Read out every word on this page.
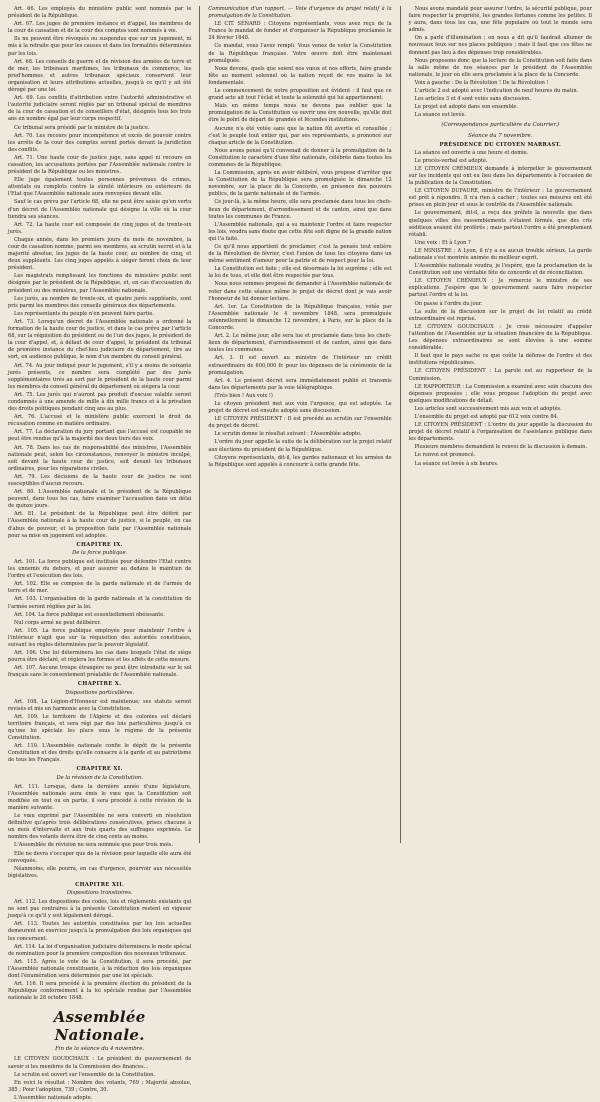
Art. 66. Les employés du ministère public sont nommés par le président de la République.

Art. 67. Les juges de première instance et d'appel, les membres de la cour de cassation et de la cour des comptes sont nommés à vie.

Ils ne peuvent être révoqués ou suspendus que sur un jugement, ni mis à la retraite que pour les causes et dans les formalités déterminées par les lois.

Art. 68. Les conseils de guerre et de révision des armées de terre et de mer, les tribunaux maritimes, les tribunaux de commerce, les prud'hommes et autres tribunaux spéciaux conservent leur organisation et leurs attributions actuelles, jusqu'à ce qu'il y ait été dérogé par une loi.

Art. 69. Les conflits d'attribution entre l'autorité administrative et l'autorité judiciaire seront réglés par un tribunal spécial de membres de la cour de cassation et de conseillers d'état, désignés tous les trois ans en nombre égal par leur corps respectif.

Ce tribunal sera présidé par le ministre de la justice.

Art. 70. Les recours pour incompétence et excès de pouvoir contre les arrêts de la cour des comptes seront portés devant la juridiction des conflits.

Art. 71. Une haute cour de justice juge, sans appel ni recours en cassation, les accusations portées par l'Assemblée nationale contre le président de la République ou les ministres.

Elle juge également toutes personnes prévenues de crimes, attentats ou complots contre la sûreté intérieure ou extérieure de l'Etat que l'Assemblée nationale aura renvoyées devant elle.

Sauf le cas prévu par l'article 68, elle ne peut être saisie qu'en vertu d'un décret de l'Assemblée nationale qui désigne la ville où la cour tiendra ses séances.

Art. 72. La haute cour est composée de cinq juges et de trente-six jurés.

Chaque année, dans les premiers jours du mois de novembre, la cour de cassation nomme, parmi ses membres, au scrutin secret et à la majorité absolue, les juges de la haute cour, au nombre de cinq, et deux suppléants. Les cinq juges appelés à siéger feront choix de leur président.

Les magistrats remplissant les fonctions du ministère public sont désignés par le président de la République, et, en cas d'accusation du président ou des ministres, par l'Assemblée nationale.

Les jurés, au nombre de trente-six, et quatre jurés suppléants, sont pris parmi les membres des conseils généraux des départements.

Les représentants du peuple n'en peuvent faire partie.

Art. 73. Lorsqu'un décret de l'Assemblée nationale a ordonné la formation de la haute cour de justice, et dans le cas prévu par l'article 68, sur la réquisition du président ou de l'un des juges, le président de la cour d'appel, et, à défaut de cour d'appel, le président du tribunal de première instance du chef-lieu judiciaire du département, tire au sort, en audience publique, le nom d'un membre du conseil général.

Art. 74. Au jour indiqué pour le jugement, s'il y a moins de soixante jurés présents, ce nombre sera complété par des jurés supplémentaires tirés au sort par le président de la haute cour parmi les membres du conseil général du département où siégera la cour.

Art. 75. Les jurés qui n'auront pas produit d'excuse valable seront condamnés à une amende de mille à dix mille francs et à la privation des droits politiques pendant cinq ans au plus.

Art. 76. L'accusé et le ministère public exercent le droit de récusation comme en matière ordinaire.

Art. 77. La déclaration du jury portant que l'accusé est coupable ne peut être rendue qu'à la majorité des deux tiers des voix.

Art. 78. Dans les cas de responsabilité des ministres, l'Assemblée nationale peut, selon les circonstances, renvoyer le ministre inculpé, soit devant la haute cour de justice, soit devant les tribunaux ordinaires, pour les réparations civiles.

Art. 79. Les décisions de la haute cour de justice ne sont susceptibles d'aucun recours.

Art. 80. L'Assemblée nationale et le président de la République peuvent, dans tous les cas, faire examiner l'accusation dans un délai de quinze jours.

Art. 81. Le président de la République peut être déféré par l'Assemblée nationale à la haute cour de justice, si le peuple, en cas d'abus de pouvoir, et la proposition faite par l'Assemblée nationale pour sa mise en jugement est adoptée.

CHAPITRE IX.
De la force publique.

Art. 101. La force publique est instituée pour défendre l'Etat contre les ennemis du dehors, et pour assurer au dedans le maintien de l'ordre et l'exécution des lois.

Art. 102. Elle se compose de la garde nationale et de l'armée de terre et de mer.

Art. 103. L'organisation de la garde nationale et la constitution de l'armée seront réglées par la loi.

Art. 104. La force publique est essentiellement obéissante.

Nul corps armé ne peut délibérer.

Art. 105. La force publique employée pour maintenir l'ordre à l'intérieur n'agit que sur la réquisition des autorités constituées, suivant les règles déterminées par le pouvoir législatif.

Art. 106. Une loi déterminera les cas dans lesquels l'état de siège pourra être déclaré, et réglera les formes et les effets de cette mesure.

Art. 107. Aucune troupe étrangère ne peut être introduite sur le sol français sans le consentement préalable de l'Assemblée nationale.

CHAPITRE X.
Dispositions particulières.

Art. 108. La Légion-d'Honneur est maintenue; ses statuts seront revisés et mis en harmonie avec la Constitution.

Art. 109. Le territoire de l'Algérie et des colonies est déclaré territoire français, et sera régi par des lois particulières jusqu'à ce qu'une loi spéciale les place sous le régime de la présente Constitution.

Art. 110. L'Assemblée nationale confie le dépôt de la présente Constitution et des droits qu'elle consacre à la garde et au patriotisme de tous les Français.

CHAPITRE XI.
De la révision de la Constitution.

Art. 111. Lorsque, dans la dernière année d'une législature, l'Assemblée nationale aura émis le vœu que la Constitution soit modifiée en tout ou en partie, il sera procédé à cette révision de la manière suivante.

Le vœu exprimé par l'Assemblée ne sera converti en résolution définitive qu'après trois délibérations consécutives, prises chacune à un mois d'intervalle et aux trois quarts des suffrages exprimés. Le nombre des votants devra être de cinq cents au moins.

L'Assemblée de révision ne sera nommée que pour trois mois.

Elle ne devra s'occuper que de la révision pour laquelle elle aura été convoquée.

Néanmoins, elle pourra, en cas d'urgence, pourvoir aux nécessités législatives.

CHAPITRE XII.
Dispositions transitoires.

Art. 112. Les dispositions des codes, lois et règlements existants qui ne sont pas contraires à la présente Constitution restent en vigueur jusqu'à ce qu'il y soit légalement dérogé.

Art. 113. Toutes les autorités constituées par les lois actuelles demeurent en exercice jusqu'à la promulgation des lois organiques qui les concernent.

Art. 114. La loi d'organisation judiciaire déterminera le mode spécial de nomination pour la première composition des nouveaux tribunaux.

Art. 115. Après le vote de la Constitution, il sera procédé, par l'Assemblée nationale constituante, à la rédaction des lois organiques dont l'énumération sera déterminée par une loi spéciale.

Art. 116. Il sera procédé à la première élection du président de la République conformément à la loi spéciale rendue par l'Assemblée nationale le 28 octobre 1848.

Assemblée Nationale.
Fin de la séance du 4 novembre.

LE CITOYEN GOUDCHAUX : Le président du gouvernement de savoir si les membres de la Commission des finances...

Le scrutin est ouvert sur l'ensemble de la Constitution.

En voici le résultat : Nombre des votants, 769 ; Majorité absolue, 385 ; Pour l'adoption, 739 ; Contre, 30.

L'Assemblée nationale adopte.

Communication d'un rapport. — Vote d'urgence du projet relatif à la promulgation de la Constitution.

LE CIT. SÉNARD : Citoyens représentants, vous avez reçu de la France le mandat de fonder et d'organiser la République proclamée le 24 février 1848.

Ce mandat, vous l'avez rempli. Vous venez de voter la Constitution de la République française. Votre œuvre doit être maintenant promulguée.

Nous devons, quels que soient nos vœux et nos efforts, faire grande fête au moment solennel où la nation reçoit de vos mains la loi fondamentale.

Le commencement de notre proposition est évident : il faut que ce grand acte ait tout l'éclat et toute la solennité qui lui appartiennent.

Mais en même temps nous ne devons pas oublier que la promulgation de la Constitution va ouvrir une ère nouvelle, qu'elle doit être le point de départ de grandes et fécondes institutions.

Aucune n'a été votée sans que la nation fût avertie et consultée ; c'est le peuple tout entier qui, par ses représentants, a prononcé sur chaque article de la Constitution.

Nous avons pensé qu'il convenait de donner à la promulgation de la Constitution le caractère d'une fête nationale, célébrée dans toutes les communes de la République.

La Commission, après en avoir délibéré, vous propose d'arrêter que la Constitution de la République sera promulguée le dimanche 12 novembre, sur la place de la Concorde, en présence des pouvoirs publics, de la garde nationale et de l'armée.

Ce jour-là, à la même heure, elle sera proclamée dans tous les chefs-lieux de département, d'arrondissement et de canton, ainsi que dans toutes les communes de France.

L'Assemblée nationale, qui a su maintenir l'ordre et faire respecter les lois, voudra sans doute que cette fête soit digne de la grande nation qui l'a faite.

Ce qu'il nous appartient de proclamer, c'est la pensée tout entière de la Révolution de février, c'est l'union de tous les citoyens dans un même sentiment d'amour pour la patrie et de respect pour la loi.

La Constitution est faite ; elle est désormais la loi suprême ; elle est la loi de tous, et elle doit être respectée par tous.

Nous nous sommes proposé de demander à l'Assemblée nationale de voter dans cette séance même le projet de décret dont je vais avoir l'honneur de lui donner lecture.

Art. 1er. La Constitution de la République française, votée par l'Assemblée nationale le 4 novembre 1848, sera promulguée solennellement le dimanche 12 novembre, à Paris, sur la place de la Concorde.

Art. 2. Le même jour, elle sera lue et proclamée dans tous les chefs-lieux de département, d'arrondissement et de canton, ainsi que dans toutes les communes.

Art. 3. Il est ouvert au ministre de l'intérieur un crédit extraordinaire de 600,000 fr. pour les dépenses de la cérémonie de la promulgation.

Art. 4. Le présent décret sera immédiatement publié et transmis dans les départements par la voie télégraphique.

(Très bien ! Aux voix !)

Le citoyen président met aux voix l'urgence, qui est adoptée. Le projet de décret est ensuite adopté sans discussion.

LE CITOYEN PRÉSIDENT : Il est procédé au scrutin sur l'ensemble du projet de décret.

Le scrutin donne le résultat suivant : l'Assemblée adopte.

L'ordre du jour appelle la suite de la délibération sur le projet relatif aux élections du président de la République.

Citoyens représentants, dit-il, les gardes nationaux et les armées de la République sont appelés à concourir à cette grande fête.

Nous avons mandaté pour assurer l'ordre, la sécurité publique, pour faire respecter la propriété, les grandes fortunes comme les petites. Il y aura, dans tous les cas, une fête populaire où tout le monde sera admis.

On a parlé d'illumination ; on nous a dit qu'il faudrait allumer de nouveaux feux sur nos places publiques ; mais il faut que ces fêtes ne donnent pas lieu à des dépenses trop considérables.

Nous proposons donc que la lecture de la Constitution soit faite dans la salle même de nos séances par le président de l'Assemblée nationale, le jour où elle sera proclamée à la place de la Concorde.

Voix à gauche : De la Révolution ! De la Révolution !

L'article 2 est adopté avec l'indication de neuf heures du matin.

Les articles 3 et 4 sont votés sans discussion.

Le projet est adopté dans son ensemble.

La séance est levée.

(Correspondance particulière du Courrier.)
Séance du 7 novembre.
PRÉSIDENCE DU CITOYEN MARRAST.

La séance est ouverte à une heure et demie.

Le procès-verbal est adopté.

LE CITOYEN CRÉMIEUX demande à interpeller le gouvernement sur les incidents qui ont eu lieu dans les départements à l'occasion de la publication de la Constitution.

LE CITOYEN DUFAURE, ministre de l'intérieur : Le gouvernement est prêt à répondre. Il n'a rien à cacher ; toutes ses mesures ont été prises en plein jour et sous le contrôle de l'Assemblée nationale.

Le gouvernement, dit-il, a reçu des préfets la nouvelle que dans quelques villes des rassemblements s'étaient formés, que des cris séditieux avaient été proférés ; mais partout l'ordre a été promptement rétabli.

Une voix : Et à Lyon ?

LE MINISTRE : A Lyon, il n'y a eu aucun trouble sérieux. La garde nationale s'est montrée animée du meilleur esprit.

L'Assemblée nationale voudra, je l'espère, que la proclamation de la Constitution soit une véritable fête de concorde et de réconciliation.

LE CITOYEN CRÉMIEUX : Je remercie le ministre de ses explications. J'espère que le gouvernement saura faire respecter partout l'ordre et la loi.

On passe à l'ordre du jour.

La suite de la discussion sur le projet de loi relatif au crédit extraordinaire est reprise.

LE CITOYEN GOUDCHAUX : Je crois nécessaire d'appeler l'attention de l'Assemblée sur la situation financière de la République. Les dépenses extraordinaires se sont élevées à une somme considérable.

Il faut que le pays sache ce que coûte la défense de l'ordre et des institutions républicaines.

LE CITOYEN PRÉSIDENT : La parole est au rapporteur de la Commission.

LE RAPPORTEUR : La Commission a examiné avec soin chacune des dépenses proposées ; elle vous propose l'adoption du projet avec quelques modifications de détail.

Les articles sont successivement mis aux voix et adoptés.

L'ensemble du projet est adopté par 612 voix contre 84.

LE CITOYEN PRÉSIDENT : L'ordre du jour appelle la discussion du projet de décret relatif à l'organisation de l'assistance publique dans les départements.

Plusieurs membres demandent le renvoi de la discussion à demain.

Le renvoi est prononcé.

La séance est levée à six heures.
